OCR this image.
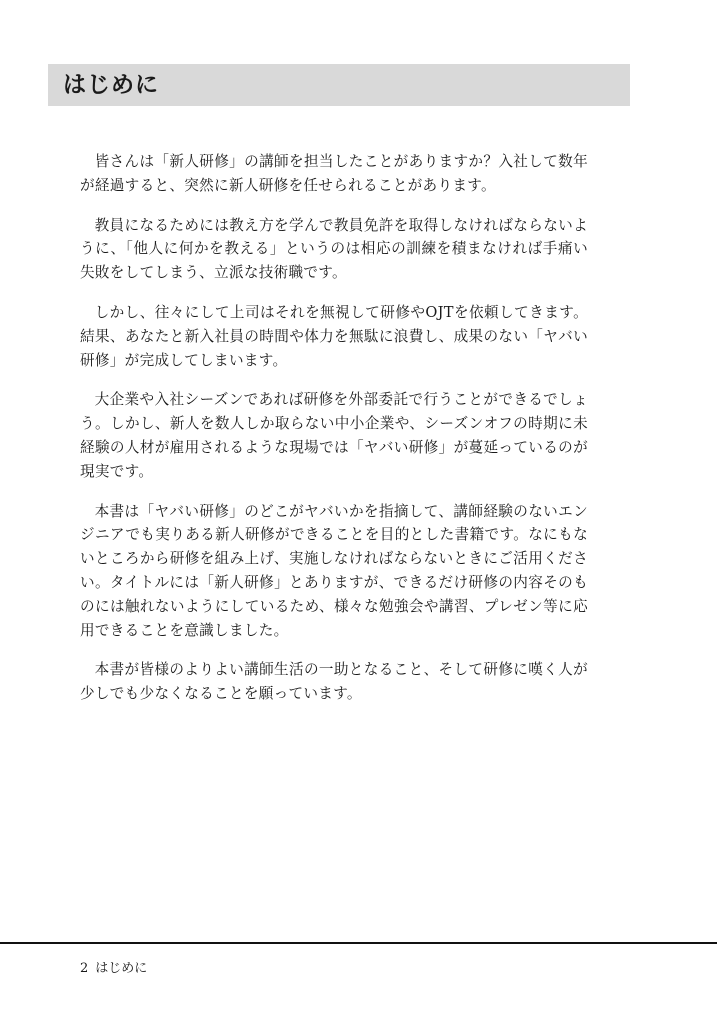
はじめに

皆さんは「新人研修」の講師を担当したことがありますか？入社して数年が経過すると、突然に新人研修を任せられることがあります。

教員になるためには教え方を学んで教員免許を取得しなければならないように、「他人に何かを教える」というのは相応の訓練を積まなければ手痛い失敗をしてしまう、立派な技術職です。

しかし、往々にして上司はそれを無視して研修やOJTを依頼してきます。結果、あなたと新入社員の時間や体力を無駄に浪費し、成果のない「ヤバい研修」が完成してしまいます。

大企業や入社シーズンであれば研修を外部委託で行うことができるでしょう。しかし、新人を数人しか取らない中小企業や、シーズンオフの時期に未経験の人材が雇用されるような現場では「ヤバい研修」が蔓延っているのが現実です。

本書は「ヤバい研修」のどこがヤバいかを指摘して、講師経験のないエンジニアでも実りある新人研修ができることを目的とした書籍です。なにもないところから研修を組み上げ、実施しなければならないときにご活用ください。タイトルには「新人研修」とありますが、できるだけ研修の内容そのものには触れないようにしているため、様々な勉強会や講習、プレゼン等に応用できることを意識しました。

本書が皆様のよりよい講師生活の一助となること、そして研修に嘆く人が少しでも少なくなることを願っています。

2 はじめに
